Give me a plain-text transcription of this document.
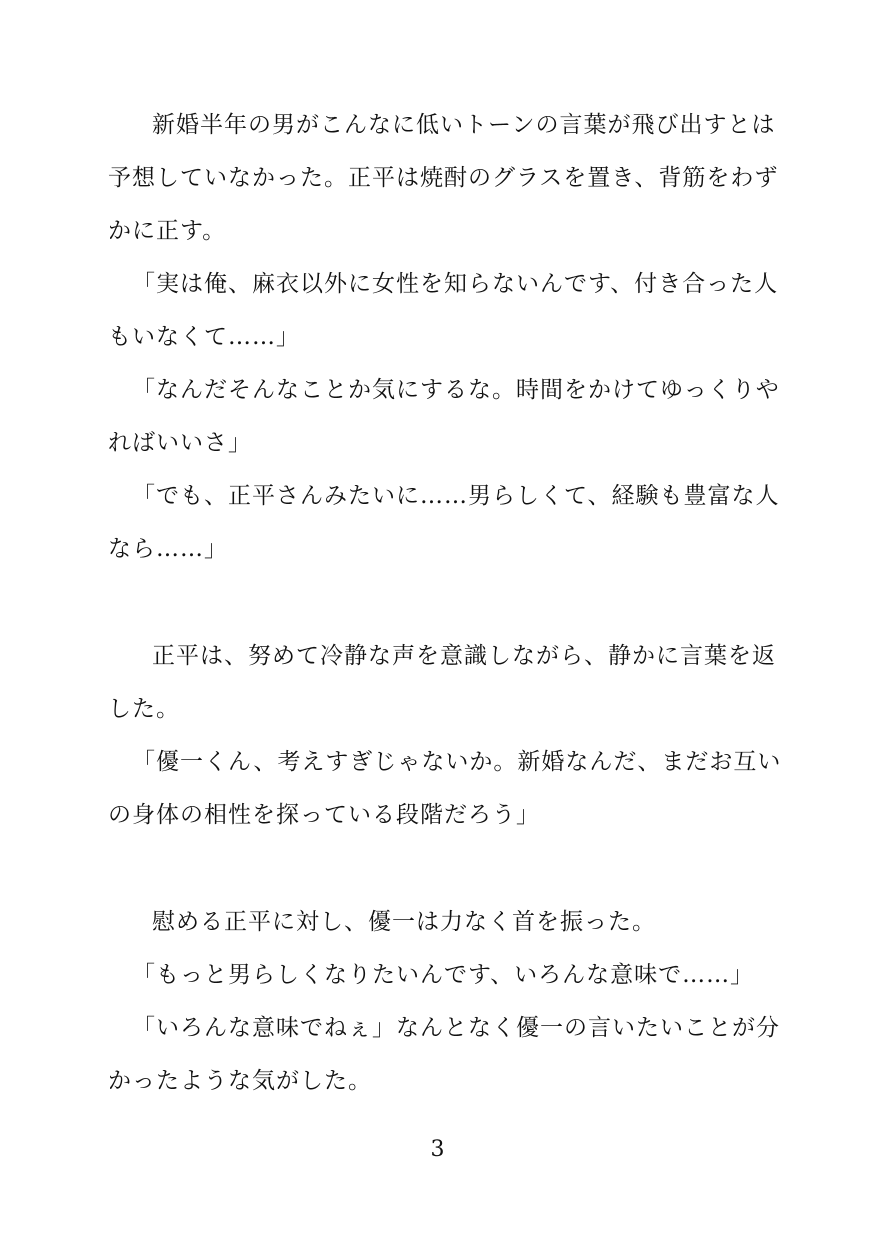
新婚半年の男がこんなに低いトーンの言葉が飛び出すとは
予想していなかった。正平は焼酎のグラスを置き、背筋をわず
かに正す。
「実は俺、麻衣以外に女性を知らないんです、付き合った人
もいなくて……」
「なんだそんなことか気にするな。時間をかけてゆっくりや
ればいいさ」
「でも、正平さんみたいに……男らしくて、経験も豊富な人
なら……」
正平は、努めて冷静な声を意識しながら、静かに言葉を返
した。
「優一くん、考えすぎじゃないか。新婚なんだ、まだお互い
の身体の相性を探っている段階だろう」
慰める正平に対し、優一は力なく首を振った。
「もっと男らしくなりたいんです、いろんな意味で……」
「いろんな意味でねぇ」なんとなく優一の言いたいことが分
かったような気がした。
3
